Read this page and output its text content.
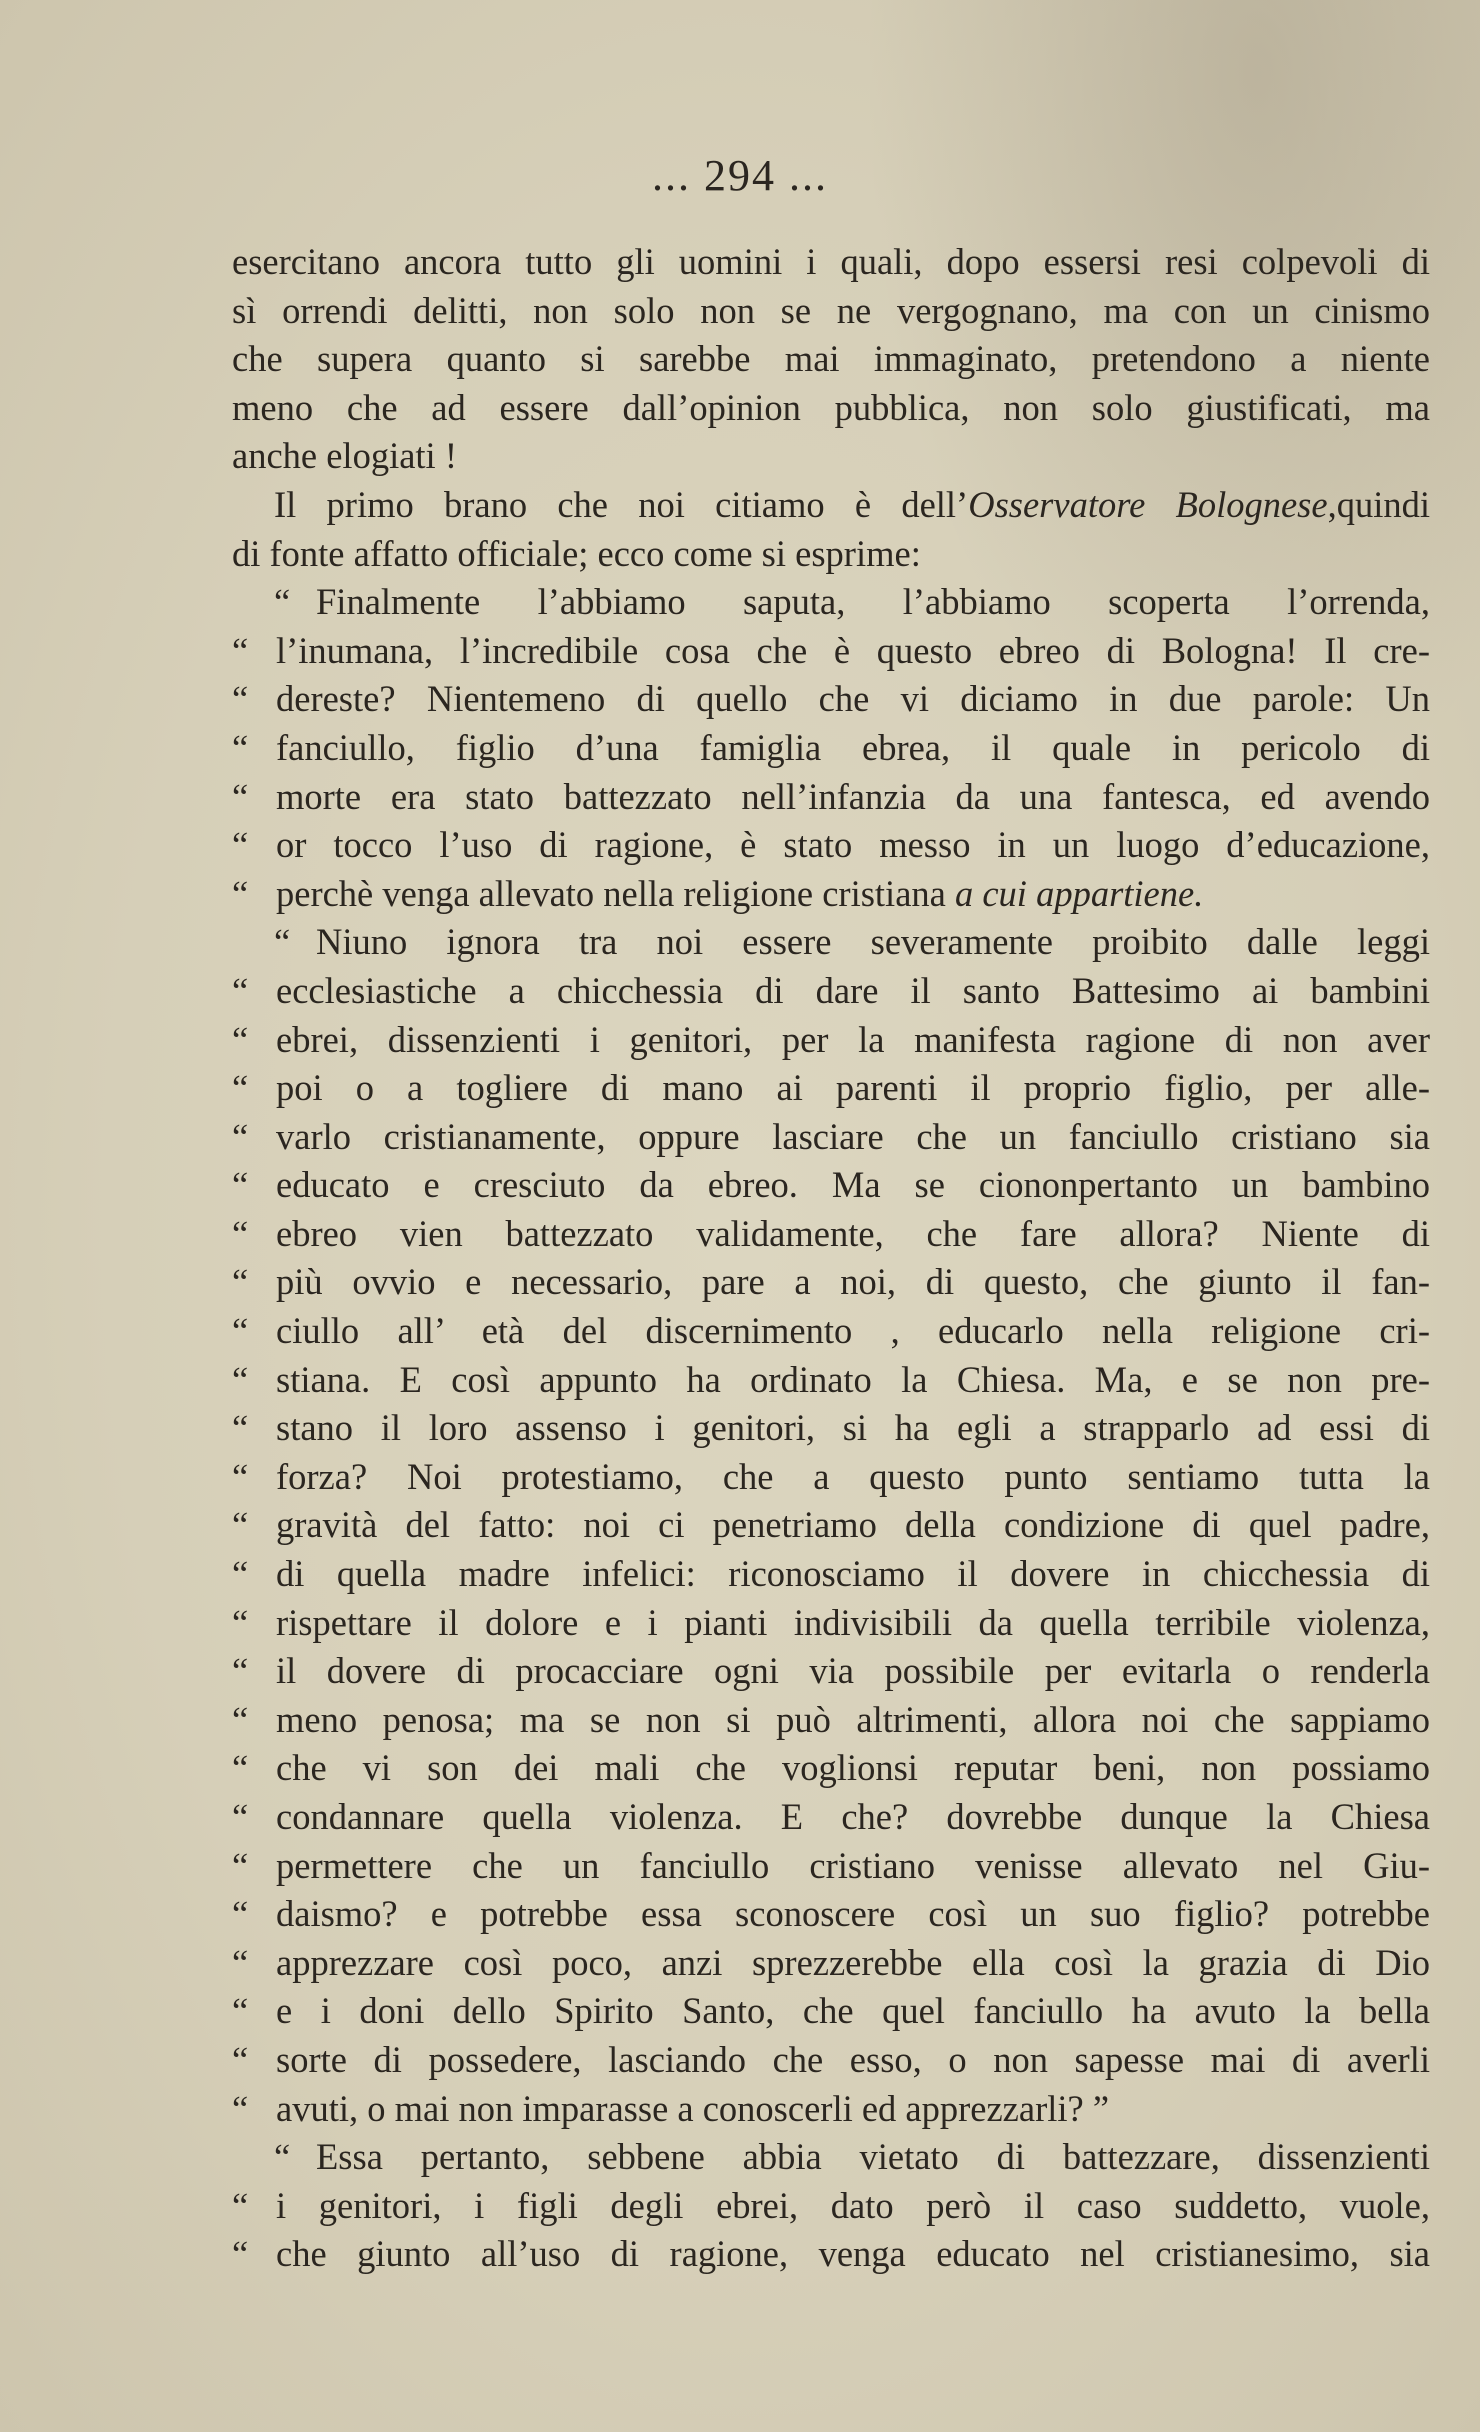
... 294 ...
esercitano ancora tutto gli uomini i quali, dopo essersi resi colpevoli di
sì orrendi delitti, non solo non se ne vergognano, ma con un cinismo
che supera quanto si sarebbe mai immaginato, pretendono a niente
meno che ad essere dall’opinion pubblica, non solo giustificati, ma
anche elogiati !
Il primo brano che noi citiamo è dell’Osservatore Bolognese,quindi
di fonte affatto officiale; ecco come si esprime:
“ Finalmente l’abbiamo saputa, l’abbiamo scoperta l’orrenda,
“ l’inumana, l’incredibile cosa che è questo ebreo di Bologna! Il cre-
“ dereste? Nientemeno di quello che vi diciamo in due parole: Un
“ fanciullo, figlio d’una famiglia ebrea, il quale in pericolo di
“ morte era stato battezzato nell’infanzia da una fantesca, ed avendo
“ or tocco l’uso di ragione, è stato messo in un luogo d’educazione,
“ perchè venga allevato nella religione cristiana a cui appartiene.
“ Niuno ignora tra noi essere severamente proibito dalle leggi
“ ecclesiastiche a chicchessia di dare il santo Battesimo ai bambini
“ ebrei, dissenzienti i genitori, per la manifesta ragione di non aver
“ poi o a togliere di mano ai parenti il proprio figlio, per alle-
“ varlo cristianamente, oppure lasciare che un fanciullo cristiano sia
“ educato e cresciuto da ebreo. Ma se ciononpertanto un bambino
“ ebreo vien battezzato validamente, che fare allora? Niente di
“ più ovvio e necessario, pare a noi, di questo, che giunto il fan-
“ ciullo all’ età del discernimento , educarlo nella religione cri-
“ stiana. E così appunto ha ordinato la Chiesa. Ma, e se non pre-
“ stano il loro assenso i genitori, si ha egli a strapparlo ad essi di
“ forza? Noi protestiamo, che a questo punto sentiamo tutta la
“ gravità del fatto: noi ci penetriamo della condizione di quel padre,
“ di quella madre infelici: riconosciamo il dovere in chicchessia di
“ rispettare il dolore e i pianti indivisibili da quella terribile violenza,
“ il dovere di procacciare ogni via possibile per evitarla o renderla
“ meno penosa; ma se non si può altrimenti, allora noi che sappiamo
“ che vi son dei mali che voglionsi reputar beni, non possiamo
“ condannare quella violenza. E che? dovrebbe dunque la Chiesa
“ permettere che un fanciullo cristiano venisse allevato nel Giu-
“ daismo? e potrebbe essa sconoscere così un suo figlio? potrebbe
“ apprezzare così poco, anzi sprezzerebbe ella così la grazia di Dio
“ e i doni dello Spirito Santo, che quel fanciullo ha avuto la bella
“ sorte di possedere, lasciando che esso, o non sapesse mai di averli
“ avuti, o mai non imparasse a conoscerli ed apprezzarli? ”
“ Essa pertanto, sebbene abbia vietato di battezzare, dissenzienti
“ i genitori, i figli degli ebrei, dato però il caso suddetto, vuole,
“ che giunto all’uso di ragione, venga educato nel cristianesimo, sia
